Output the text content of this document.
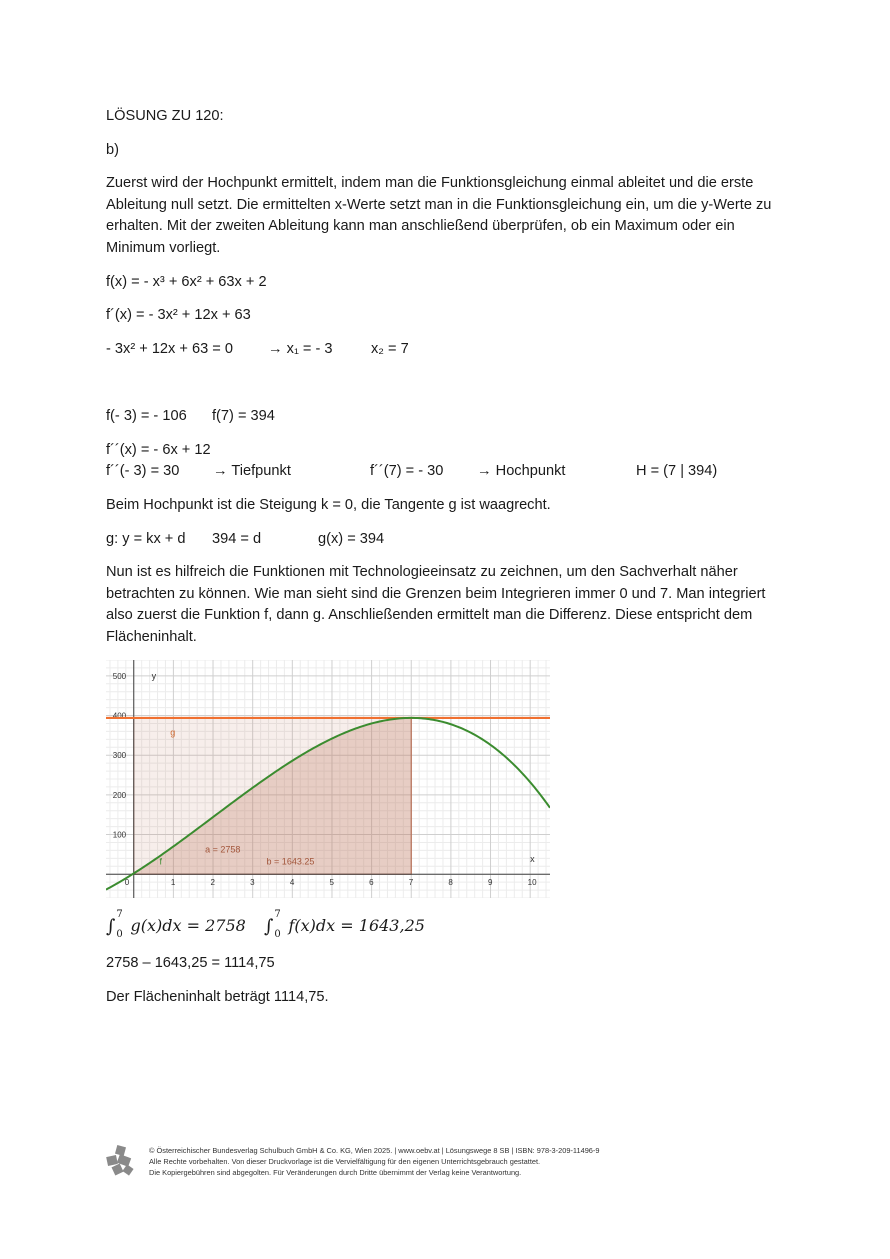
LÖSUNG ZU 120:
b)
Zuerst wird der Hochpunkt ermittelt, indem man die Funktionsgleichung einmal ableitet und die erste Ableitung null setzt. Die ermittelten x-Werte setzt man in die Funktionsgleichung ein, um die y-Werte zu erhalten. Mit der zweiten Ableitung kann man anschließend überprüfen, ob ein Maximum oder ein Minimum vorliegt.
f(x) = - x³ + 6x² + 63x + 2
f´(x) = - 3x² + 12x + 63
- 3x² + 12x + 63 = 0 → x₁ = - 3	x₂ = 7
f(- 3) = - 106 f(7) = 394
f´´(x) = - 6x + 12
f´´(- 3) = 30 → Tiefpunkt	f´´(7) = - 30 → Hochpunkt	H = (7 | 394)
Beim Hochpunkt ist die Steigung k = 0, die Tangente g ist waagrecht.
g: y = kx + d 394 = d	g(x) = 394
Nun ist es hilfreich die Funktionen mit Technologieeinsatz zu zeichnen, um den Sachverhalt näher betrachten zu können. Wie man sieht sind die Grenzen beim Integrieren immer 0 und 7. Man integriert also zuerst die Funktion f, dann g. Anschließenden ermittelt man die Differenz. Diese entspricht dem Flächeninhalt.
0	1	2	3	4	5	6	7	8	9	10
100
200
300
400
500
x
y
g
f
a = 2758
b = 1643.25
∫
7
0 g(x)dx = 2758 ∫
7
0 f(x)dx = 1643,25
2758 – 1643,25 = 1114,75
Der Flächeninhalt beträgt 1114,75.
© Österreichischer Bundesverlag Schulbuch GmbH & Co. KG, Wien 2025. | www.oebv.at | Lösungswege 8 SB | ISBN: 978-3-209-11496-9
Alle Rechte vorbehalten. Von dieser Druckvorlage ist die Vervielfältigung für den eigenen Unterrichtsgebrauch gestattet.
Die Kopiergebühren sind abgegolten. Für Veränderungen durch Dritte übernimmt der Verlag keine Verantwortung.
